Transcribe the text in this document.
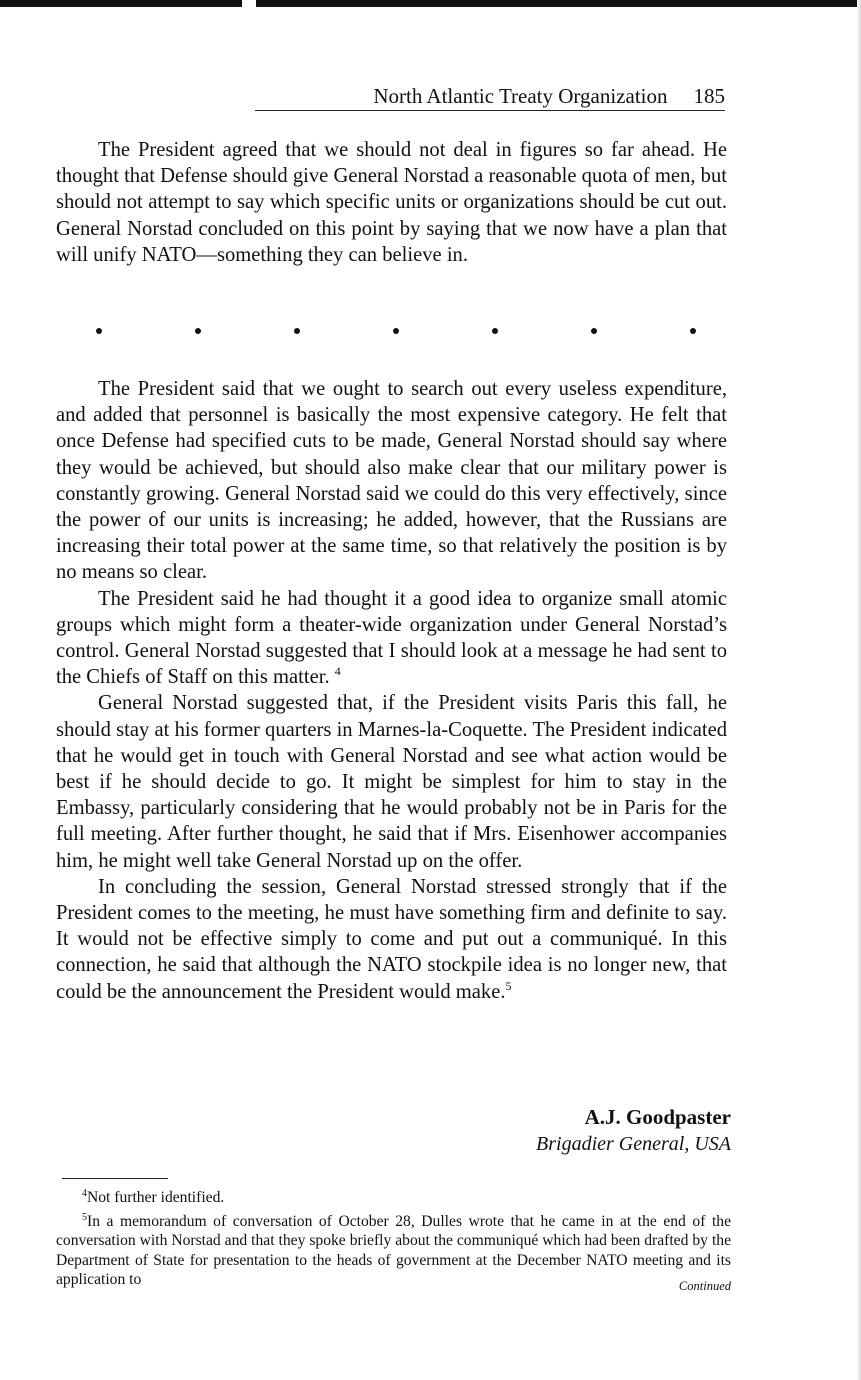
North Atlantic Treaty Organization 185

The President agreed that we should not deal in figures so far ahead. He thought that Defense should give General Norstad a reasonable quota of men, but should not attempt to say which specific units or organizations should be cut out. General Norstad concluded on this point by saying that we now have a plan that will unify NATO—something they can believe in.

The President said that we ought to search out every useless expenditure, and added that personnel is basically the most expensive category. He felt that once Defense had specified cuts to be made, General Norstad should say where they would be achieved, but should also make clear that our military power is constantly growing. General Norstad said we could do this very effectively, since the power of our units is increasing; he added, however, that the Russians are increasing their total power at the same time, so that relatively the position is by no means so clear.

The President said he had thought it a good idea to organize small atomic groups which might form a theater-wide organization under General Norstad’s control. General Norstad suggested that I should look at a message he had sent to the Chiefs of Staff on this matter. $^4$

General Norstad suggested that, if the President visits Paris this fall, he should stay at his former quarters in Marnes-la-Coquette. The President indicated that he would get in touch with General Norstad and see what action would be best if he should decide to go. It might be simplest for him to stay in the Embassy, particularly considering that he would probably not be in Paris for the full meeting. After further thought, he said that if Mrs. Eisenhower accompanies him, he might well take General Norstad up on the offer.

In concluding the session, General Norstad stressed strongly that if the President comes to the meeting, he must have something firm and definite to say. It would not be effective simply to come and put out a communiqué. In this connection, he said that although the NATO stockpile idea is no longer new, that could be the announcement the President would make.$^5$

A.J. Goodpaster
Brigadier General, USA

$^4$Not further identified.

$^5$In a memorandum of conversation of October 28, Dulles wrote that he came in at the end of the conversation with Norstad and that they spoke briefly about the communiqué which had been drafted by the Department of State for presentation to the heads of government at the December NATO meeting and its application to	Continued
